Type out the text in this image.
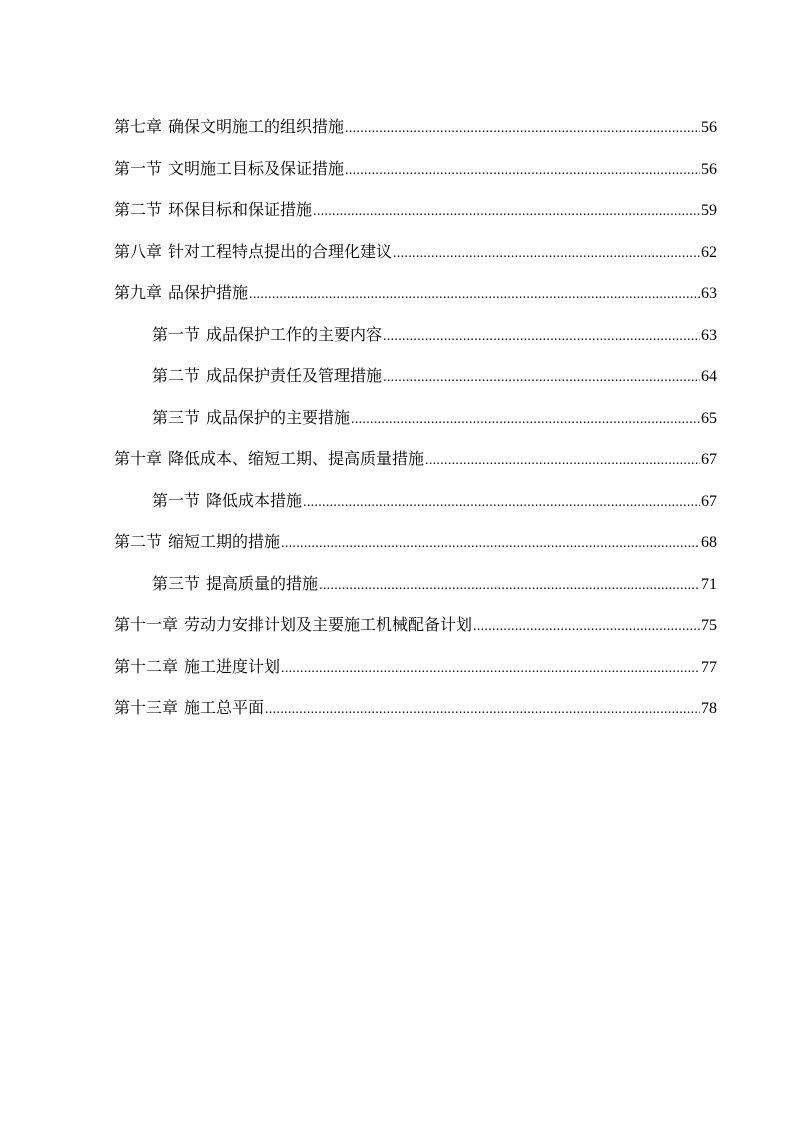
第七章 确保文明施工的组织措施 .....	56
第一节 文明施工目标及保证措施 .....	56
第二节 环保目标和保证措施 .....	59
第八章 针对工程特点提出的合理化建议 .....	62
第九章 品保护措施 .....	63
第一节 成品保护工作的主要内容 .....	63
第二节 成品保护责任及管理措施 .....	64
第三节 成品保护的主要措施 .....	65
第十章 降低成本、缩短工期、提高质量措施 .....	67
第一节 降低成本措施 .....	67
第二节 缩短工期的措施 .....	68
第三节 提高质量的措施 .....	71
第十一章 劳动力安排计划及主要施工机械配备计划 .....	75
第十二章 施工进度计划 .....	77
第十三章 施工总平面 .....	78
